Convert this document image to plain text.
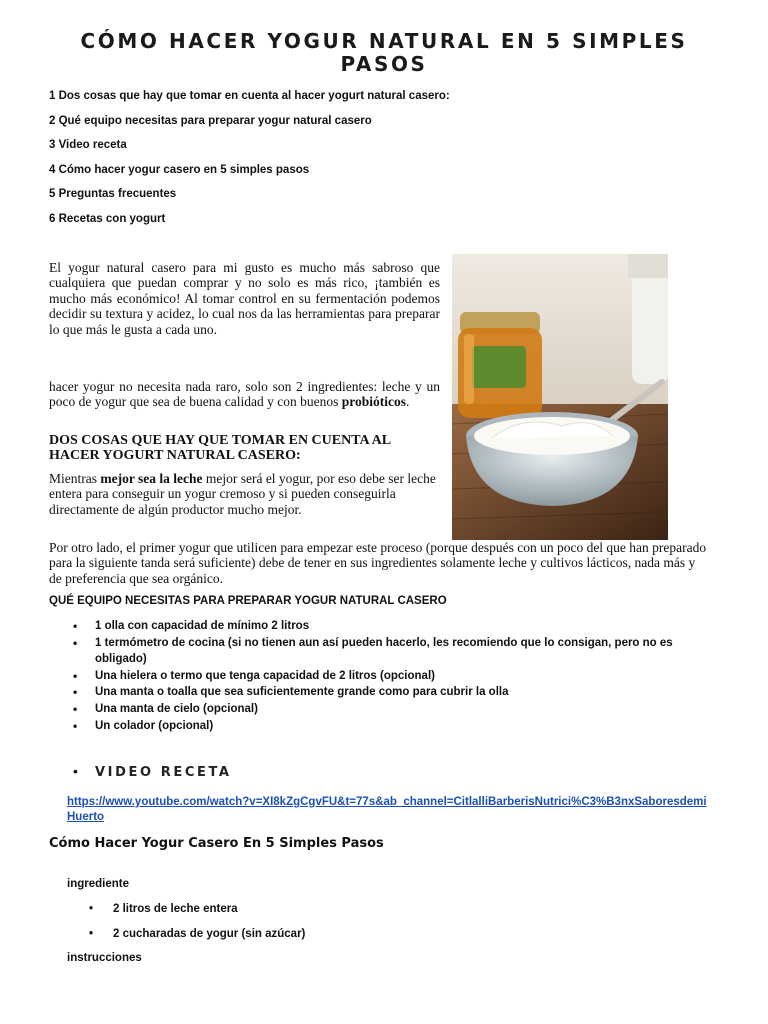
CÓMO HACER YOGUR NATURAL EN 5 SIMPLES PASOS
1 Dos cosas que hay que tomar en cuenta al hacer yogurt natural casero:
2 Qué equipo necesitas para preparar yogur natural casero
3 Video receta
4 Cómo hacer yogur casero en 5 simples pasos
5 Preguntas frecuentes
6 Recetas con yogurt
El yogur natural casero para mi gusto es mucho más sabroso que cualquiera que puedan comprar y no solo es más rico, ¡también es mucho más económico! Al tomar control en su fermentación podemos decidir su textura y acidez, lo cual nos da las herramientas para preparar lo que más le gusta a cada uno.
hacer yogur no necesita nada raro, solo son 2 ingredientes: leche y un poco de yogur que sea de buena calidad y con buenos probióticos.
DOS COSAS QUE HAY QUE TOMAR EN CUENTA AL HACER YOGURT NATURAL CASERO:
Mientras mejor sea la leche mejor será el yogur, por eso debe ser leche entera para conseguir un yogur cremoso y si pueden conseguirla directamente de algún productor mucho mejor.
Por otro lado, el primer yogur que utilicen para empezar este proceso (porque después con un poco del que han preparado para la siguiente tanda será suficiente) debe de tener en sus ingredientes solamente leche y cultivos lácticos, nada más y de preferencia que sea orgánico.
QUÉ EQUIPO NECESITAS PARA PREPARAR YOGUR NATURAL CASERO
• 1 olla con capacidad de mínimo 2 litros
• 1 termómetro de cocina (si no tienen aun así pueden hacerlo, les recomiendo que lo consigan, pero no es obligado)
• Una hielera o termo que tenga capacidad de 2 litros (opcional)
• Una manta o toalla que sea suficientemente grande como para cubrir la olla
• Una manta de cielo (opcional)
• Un colador (opcional)
• VIDEO RECETA
https://www.youtube.com/watch?v=XI8kZgCgvFU&t=77s&ab_channel=CitlalliBarberisNutrici%C3%B3nxSaboresdemiHuerto
Cómo Hacer Yogur Casero En 5 Simples Pasos
ingrediente
• 2 litros de leche entera
• 2 cucharadas de yogur (sin azúcar)
instrucciones
